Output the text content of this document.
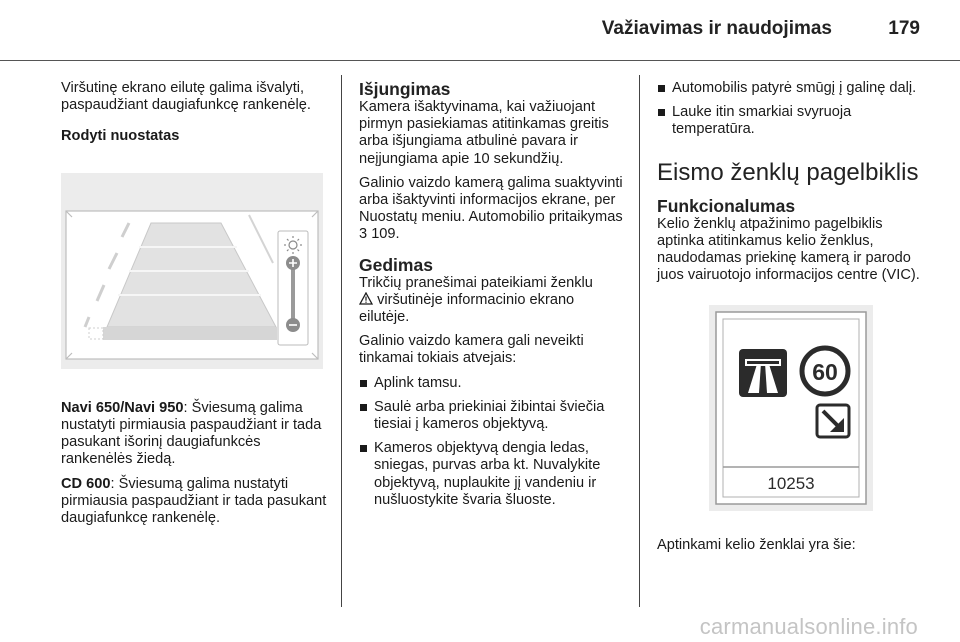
Važiavimas ir naudojimas	179

Viršutinę ekrano eilutę galima išvalyti, paspaudžiant daugiafunkcę rankenėlę.

Rodyti nuostatas

Navi 650/Navi 950: Šviesumą galima nustatyti pirmiausia paspaudžiant ir tada pasukant išorinį daugiafunkcės rankenėlės žiedą.

CD 600: Šviesumą galima nustatyti pirmiausia paspaudžiant ir tada pasukant daugiafunkcę rankenėlę.

Išjungimas

Kamera išaktyvinama, kai važiuojant pirmyn pasiekiamas atitinkamas greitis arba išjungiama atbulinė pavara ir neįjungiama apie 10 sekundžių.

Galinio vaizdo kamerą galima suaktyvinti arba išaktyvinti informacijos ekrane, per Nuostatų meniu. Automobilio pritaikymas
3 109.

Gedimas

Trikčių pranešimai pateikiami ženklu
viršutinėje informacinio ekrano eilutėje.

Galinio vaizdo kamera gali neveikti tinkamai tokiais atvejais:

Aplink tamsu.
Saulė arba priekiniai žibintai šviečia tiesiai į kameros objektyvą.
Kameros objektyvą dengia ledas, sniegas, purvas arba kt. Nuvalykite objektyvą, nuplaukite jį vandeniu ir nušluostykite švaria šluoste.
Automobilis patyrė smūgį į galinę dalį.
Lauke itin smarkiai svyruoja temperatūra.
Eismo ženklų pagelbiklis
Funkcionalumas

Kelio ženklų atpažinimo pagelbiklis aptinka atitinkamus kelio ženklus, naudodamas priekinę kamerą ir parodo juos vairuotojo informacijos centre (VIC).

60
10253

Aptinkami kelio ženklai yra šie:

carmanualsonline.info
